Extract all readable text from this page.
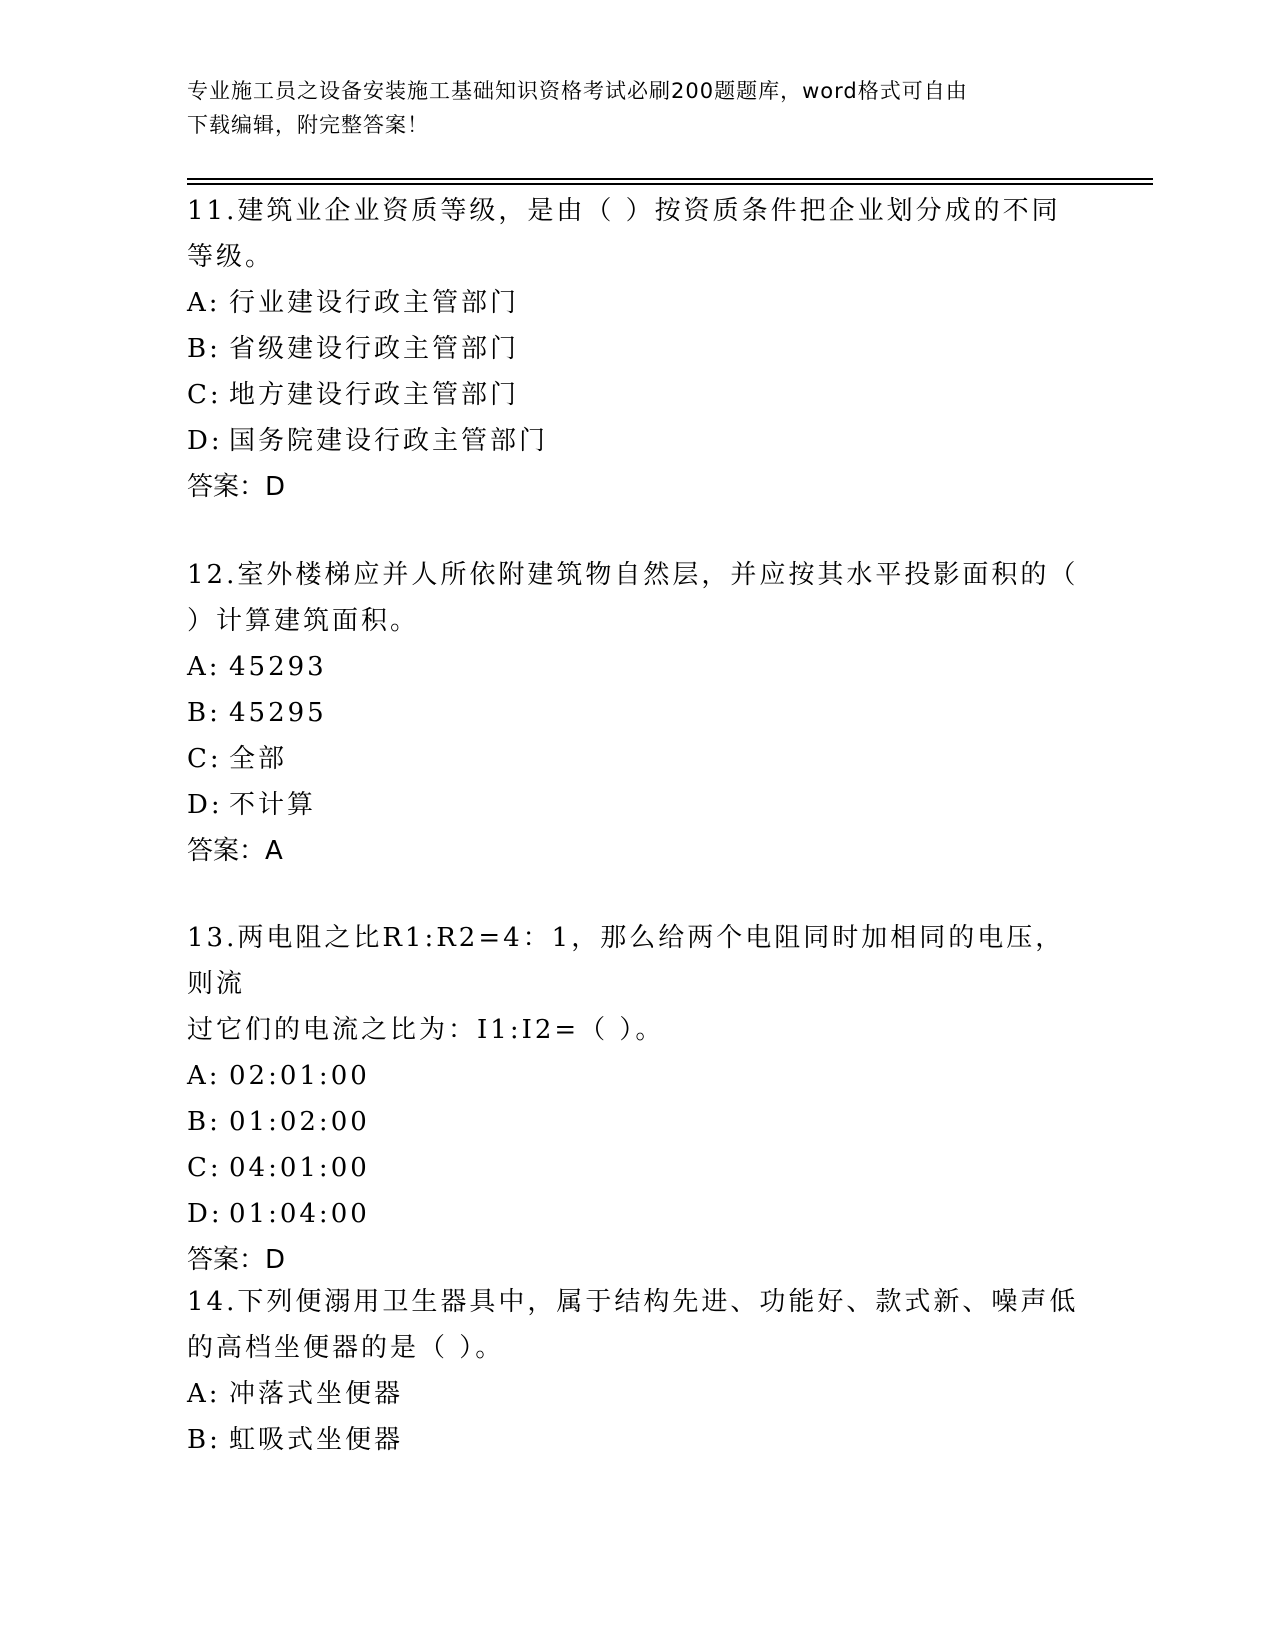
专业施工员之设备安装施工基础知识资格考试必刷200题题库，word格式可自由
下载编辑，附完整答案！

11.建筑业企业资质等级，是由（ ）按资质条件把企业划分成的不同
等级。

A: 行业建设行政主管部门

B: 省级建设行政主管部门

C: 地方建设行政主管部门

D: 国务院建设行政主管部门

答案：D

12.室外楼梯应并人所依附建筑物自然层，并应按其水平投影面积的（
）计算建筑面积。

A: 45293

B: 45295

C: 全部

D: 不计算

答案：A

13.两电阻之比R1:R2=4：1，那么给两个电阻同时加相同的电压，则流
过它们的电流之比为：I1:I2=（ ）。

A: 02:01:00

B: 01:02:00

C: 04:01:00

D: 01:04:00

答案：D

14.下列便溺用卫生器具中，属于结构先进、功能好、款式新、噪声低
的高档坐便器的是（ ）。

A: 冲落式坐便器

B: 虹吸式坐便器
